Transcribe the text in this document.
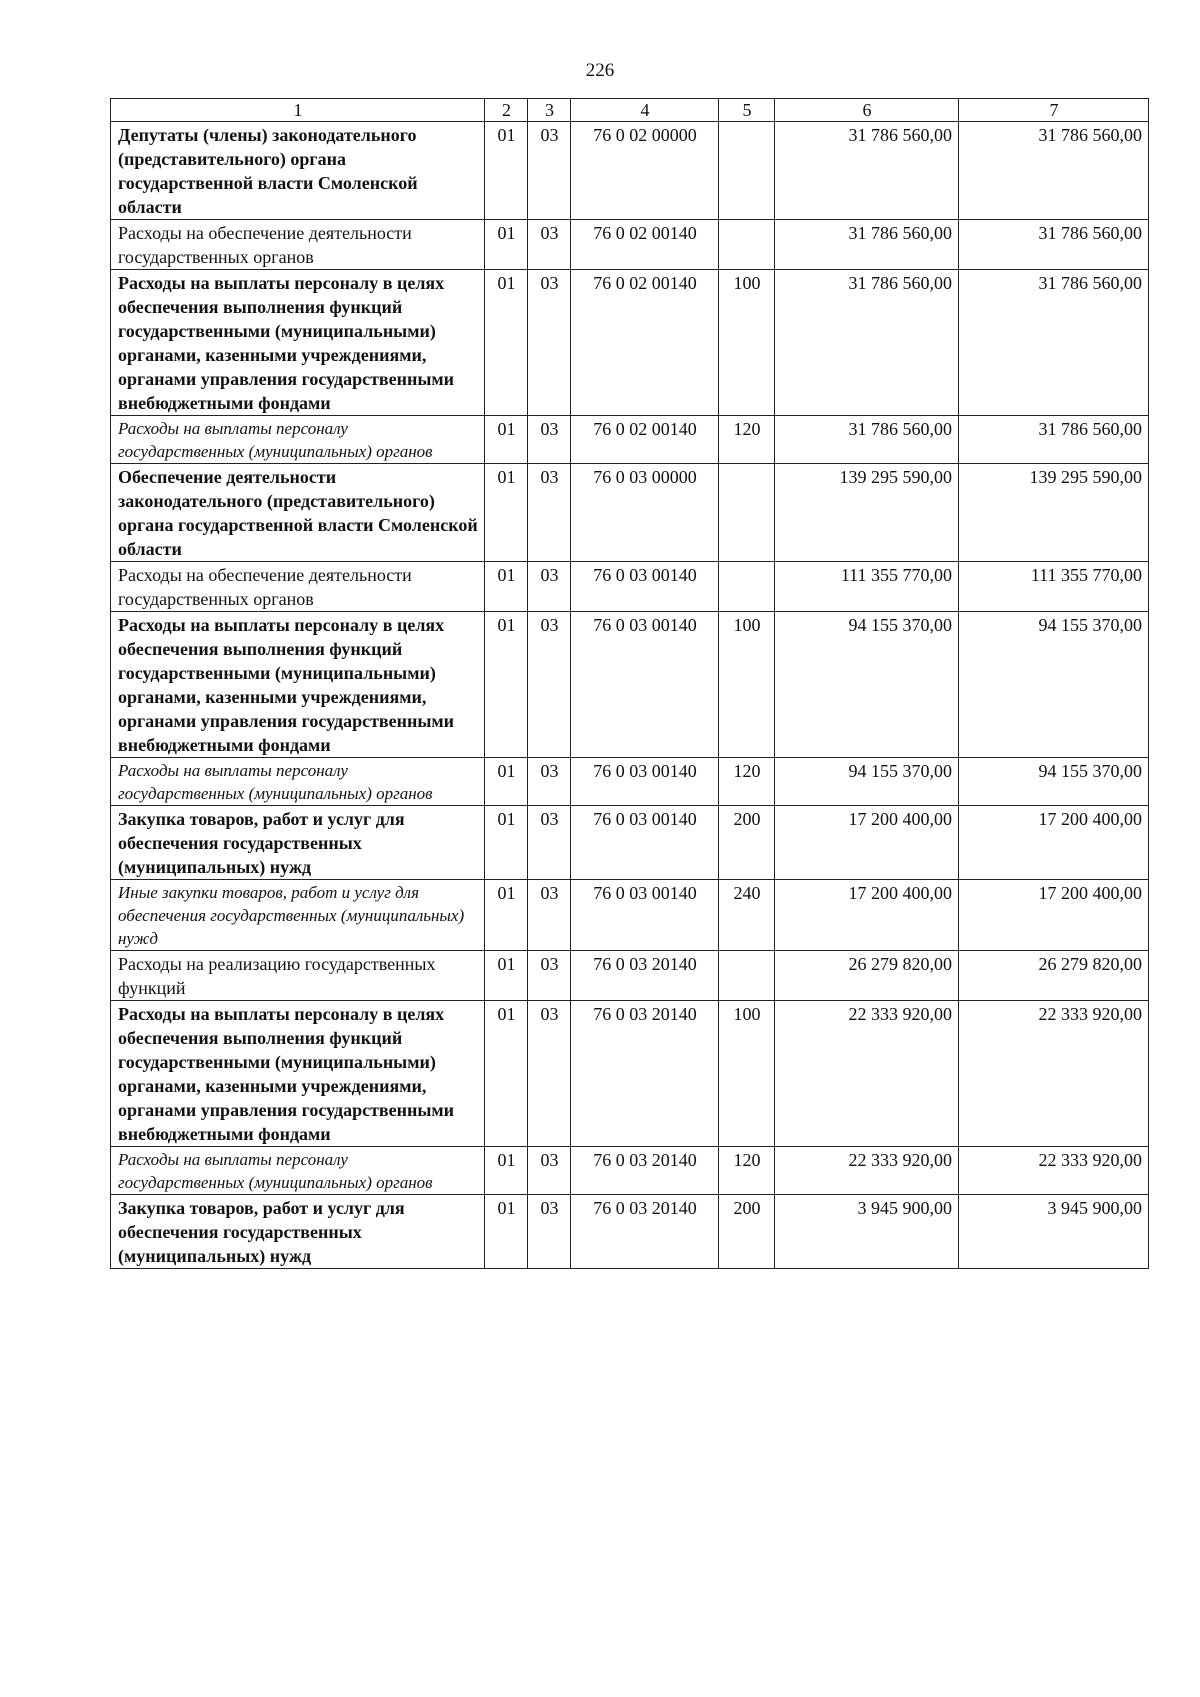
226
1	2	3	4	5	6	7
Депутаты (члены) законодательного (представительного) органа государственной власти Смоленской области	01	03	76 0 02 00000		31 786 560,00	31 786 560,00
Расходы на обеспечение деятельности государственных органов	01	03	76 0 02 00140		31 786 560,00	31 786 560,00
Расходы на выплаты персоналу в целях обеспечения выполнения функций государственными (муниципальными) органами, казенными учреждениями, органами управления государственными внебюджетными фондами	01	03	76 0 02 00140	100	31 786 560,00	31 786 560,00
Расходы на выплаты персоналу государственных (муниципальных) органов	01	03	76 0 02 00140	120	31 786 560,00	31 786 560,00
Обеспечение деятельности законодательного (представительного) органа государственной власти Смоленской области	01	03	76 0 03 00000		139 295 590,00	139 295 590,00
Расходы на обеспечение деятельности государственных органов	01	03	76 0 03 00140		111 355 770,00	111 355 770,00
Расходы на выплаты персоналу в целях обеспечения выполнения функций государственными (муниципальными) органами, казенными учреждениями, органами управления государственными внебюджетными фондами	01	03	76 0 03 00140	100	94 155 370,00	94 155 370,00
Расходы на выплаты персоналу государственных (муниципальных) органов	01	03	76 0 03 00140	120	94 155 370,00	94 155 370,00
Закупка товаров, работ и услуг для обеспечения государственных (муниципальных) нужд	01	03	76 0 03 00140	200	17 200 400,00	17 200 400,00
Иные закупки товаров, работ и услуг для обеспечения государственных (муниципальных) нужд	01	03	76 0 03 00140	240	17 200 400,00	17 200 400,00
Расходы на реализацию государственных функций	01	03	76 0 03 20140		26 279 820,00	26 279 820,00
Расходы на выплаты персоналу в целях обеспечения выполнения функций государственными (муниципальными) органами, казенными учреждениями, органами управления государственными внебюджетными фондами	01	03	76 0 03 20140	100	22 333 920,00	22 333 920,00
Расходы на выплаты персоналу государственных (муниципальных) органов	01	03	76 0 03 20140	120	22 333 920,00	22 333 920,00
Закупка товаров, работ и услуг для обеспечения государственных (муниципальных) нужд	01	03	76 0 03 20140	200	3 945 900,00	3 945 900,00
